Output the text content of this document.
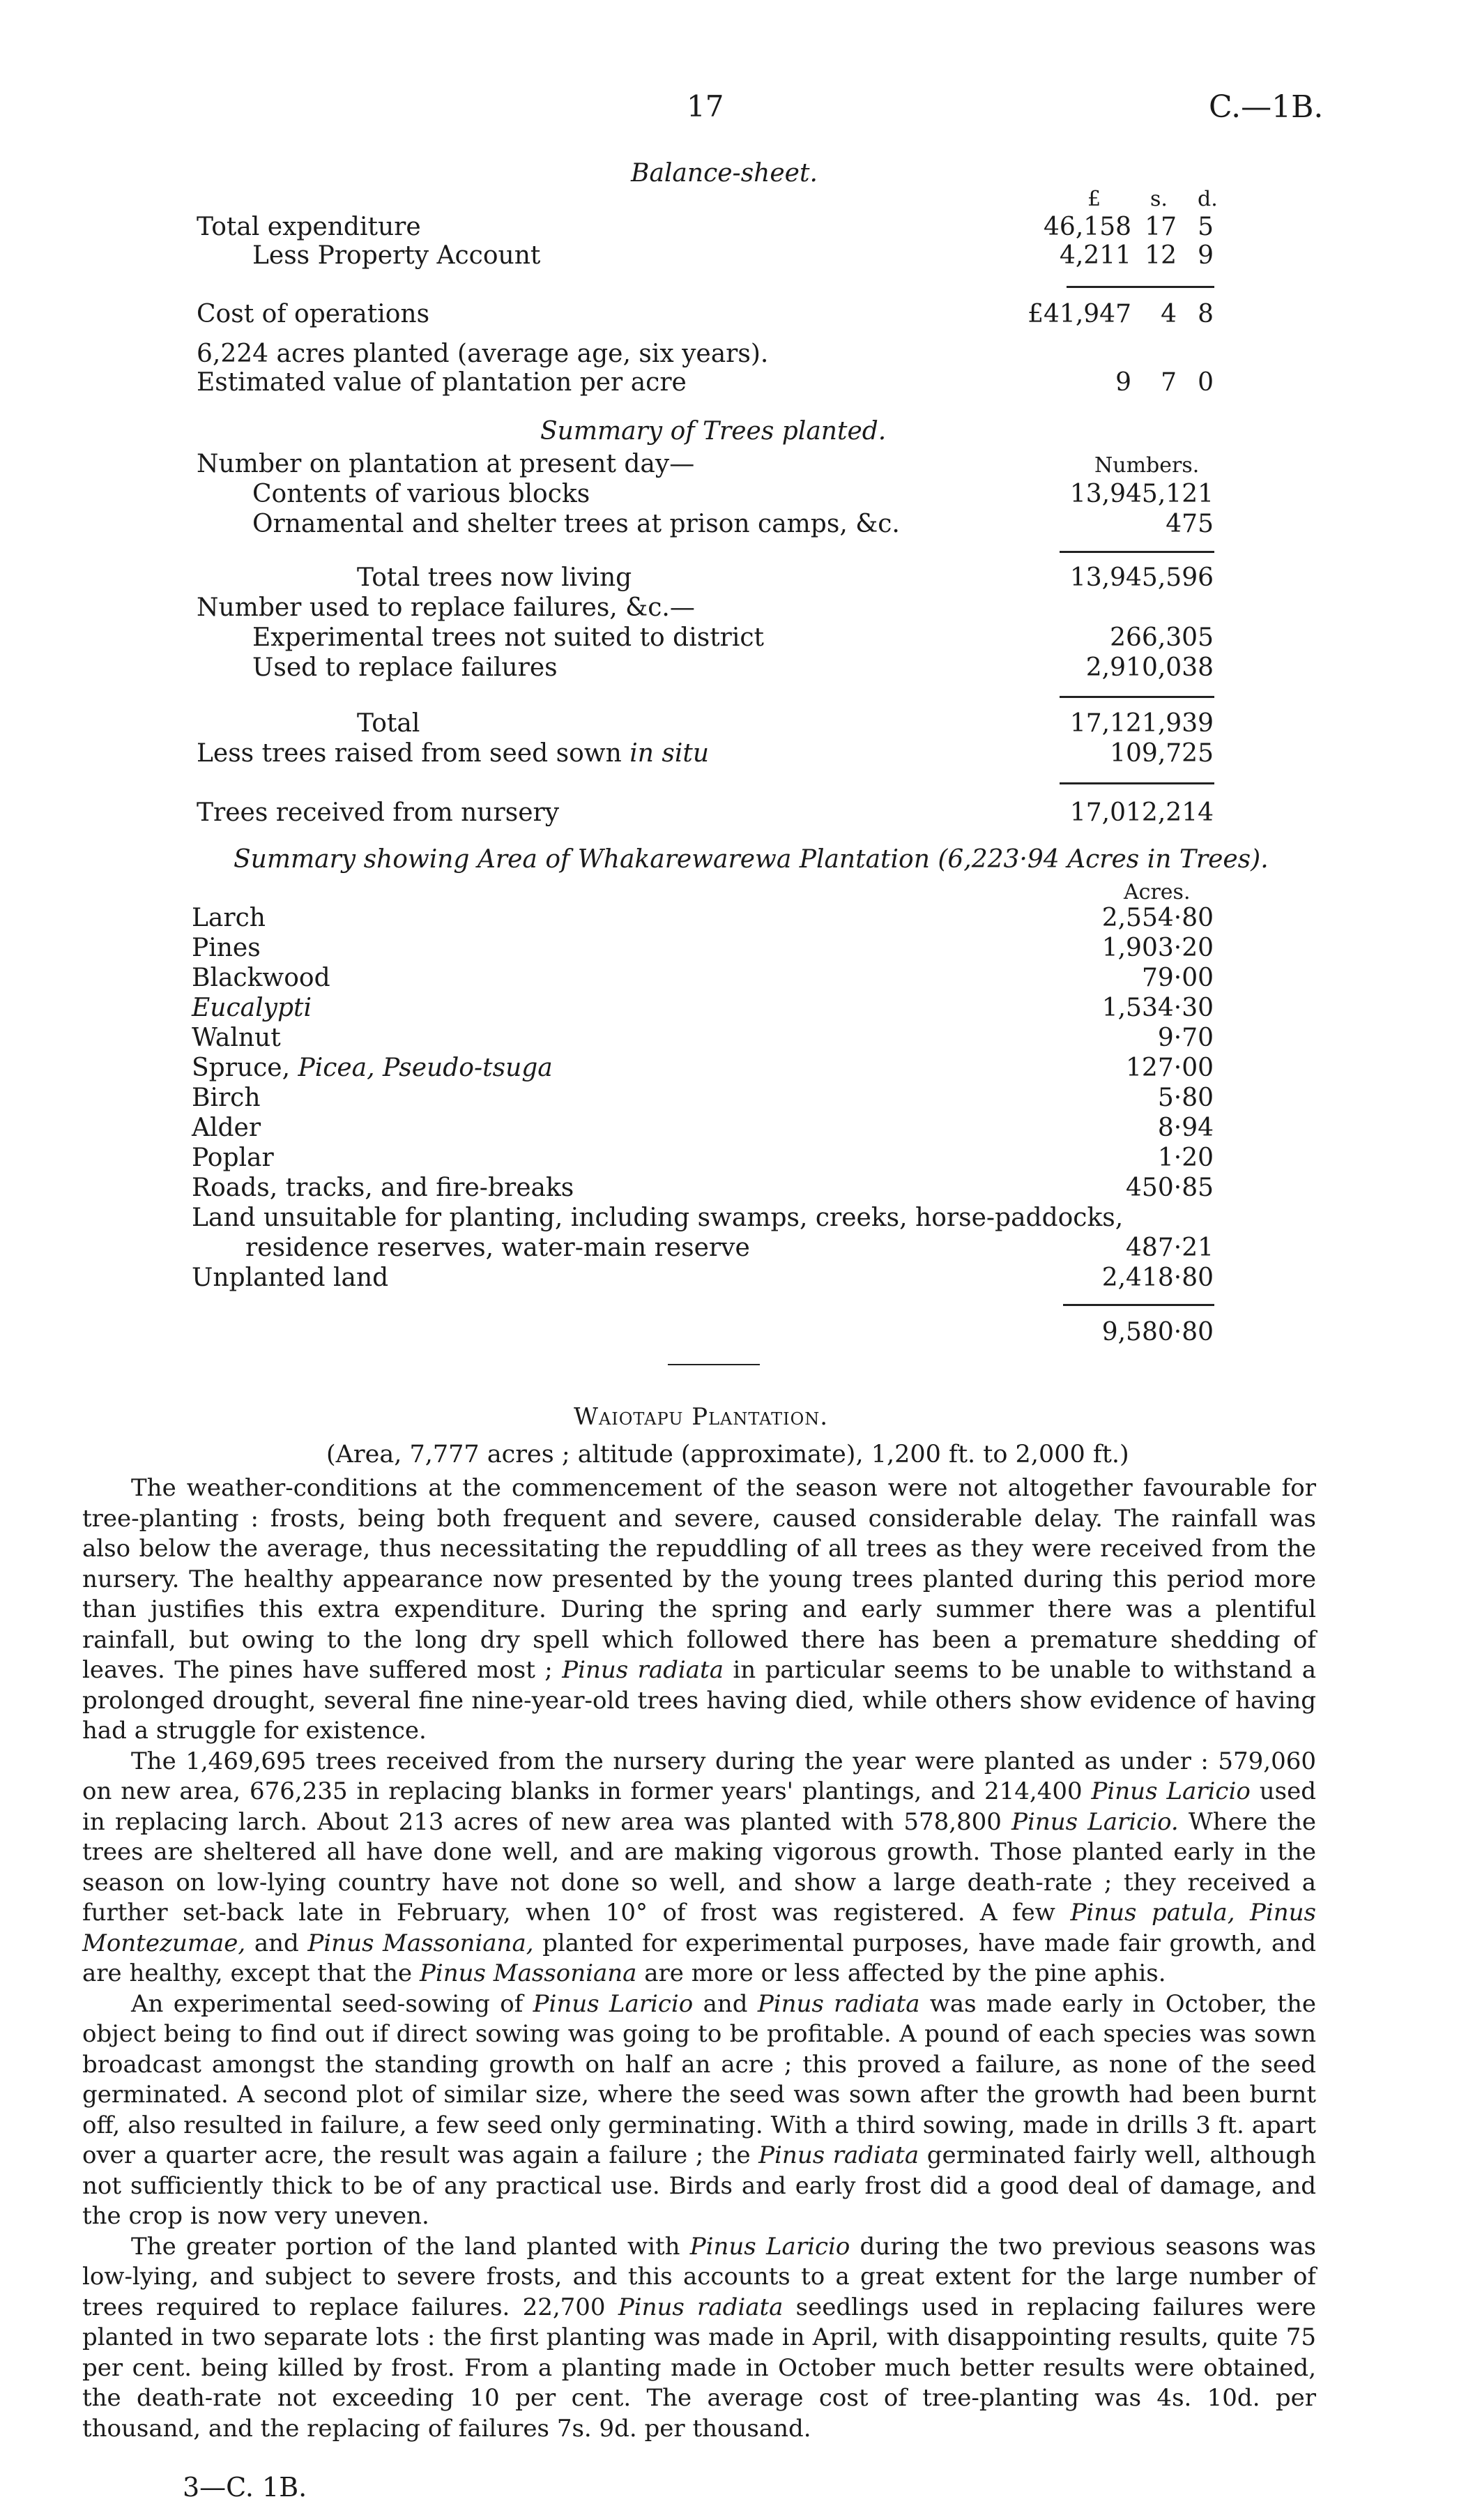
17	C.—1B.
Balance-sheet.
£ s. d.
Total expenditure	46,158 17 5
Less Property Account	4,211 12 9
Cost of operations	£41,947 4 8
6,224 acres planted (average age, six years).
Estimated value of plantation per acre	9 7 0
Summary of Trees planted.
Number on plantation at present day—	Numbers.
Contents of various blocks	13,945,121
Ornamental and shelter trees at prison camps, &c.	475
Total trees now living	13,945,596
Number used to replace failures, &c.—
Experimental trees not suited to district	266,305
Used to replace failures	2,910,038
Total	17,121,939
Less trees raised from seed sown in situ	109,725
Trees received from nursery	17,012,214
Summary showing Area of Whakarewarewa Plantation (6,223·94 Acres in Trees).
Acres.
Larch	2,554·80
Pines	1,903·20
Blackwood	79·00
Eucalypti	1,534·30
Walnut	9·70
Spruce, Picea, Pseudo-tsuga	127·00
Birch	5·80
Alder	8·94
Poplar	1·20
Roads, tracks, and fire-breaks	450·85
Land unsuitable for planting, including swamps, creeks, horse-paddocks,
residence reserves, water-main reserve	487·21
Unplanted land	2,418·80
9,580·80
Waiotapu Plantation.
(Area, 7,777 acres ; altitude (approximate), 1,200 ft. to 2,000 ft.)

The weather-conditions at the commencement of the season were not altogether favourable for tree-planting : frosts, being both frequent and severe, caused considerable delay. The rainfall was also below the average, thus necessitating the repuddling of all trees as they were received from the nursery. The healthy appearance now presented by the young trees planted during this period more than justifies this extra expenditure. During the spring and early summer there was a plentiful rainfall, but owing to the long dry spell which followed there has been a premature shedding of leaves. The pines have suffered most ; Pinus radiata in particular seems to be unable to withstand a prolonged drought, several fine nine-year-old trees having died, while others show evidence of having had a struggle for existence.

The 1,469,695 trees received from the nursery during the year were planted as under : 579,060 on new area, 676,235 in replacing blanks in former years' plantings, and 214,400 Pinus Laricio used in replacing larch. About 213 acres of new area was planted with 578,800 Pinus Laricio. Where the trees are sheltered all have done well, and are making vigorous growth. Those planted early in the season on low-lying country have not done so well, and show a large death-rate ; they received a further set-back late in February, when 10° of frost was registered. A few Pinus patula, Pinus Montezumae, and Pinus Massoniana, planted for experimental purposes, have made fair growth, and are healthy, except that the Pinus Massoniana are more or less affected by the pine aphis.

An experimental seed-sowing of Pinus Laricio and Pinus radiata was made early in October, the object being to find out if direct sowing was going to be profitable. A pound of each species was sown broadcast amongst the standing growth on half an acre ; this proved a failure, as none of the seed germinated. A second plot of similar size, where the seed was sown after the growth had been burnt off, also resulted in failure, a few seed only germinating. With a third sowing, made in drills 3 ft. apart over a quarter acre, the result was again a failure ; the Pinus radiata germinated fairly well, although not sufficiently thick to be of any practical use. Birds and early frost did a good deal of damage, and the crop is now very uneven.

The greater portion of the land planted with Pinus Laricio during the two previous seasons was low-lying, and subject to severe frosts, and this accounts to a great extent for the large number of trees required to replace failures. 22,700 Pinus radiata seedlings used in replacing failures were planted in two separate lots : the first planting was made in April, with disappointing results, quite 75 per cent. being killed by frost. From a planting made in October much better results were obtained, the death-rate not exceeding 10 per cent. The average cost of tree-planting was 4s. 10d. per thousand, and the replacing of failures 7s. 9d. per thousand.

3—C. 1B.
